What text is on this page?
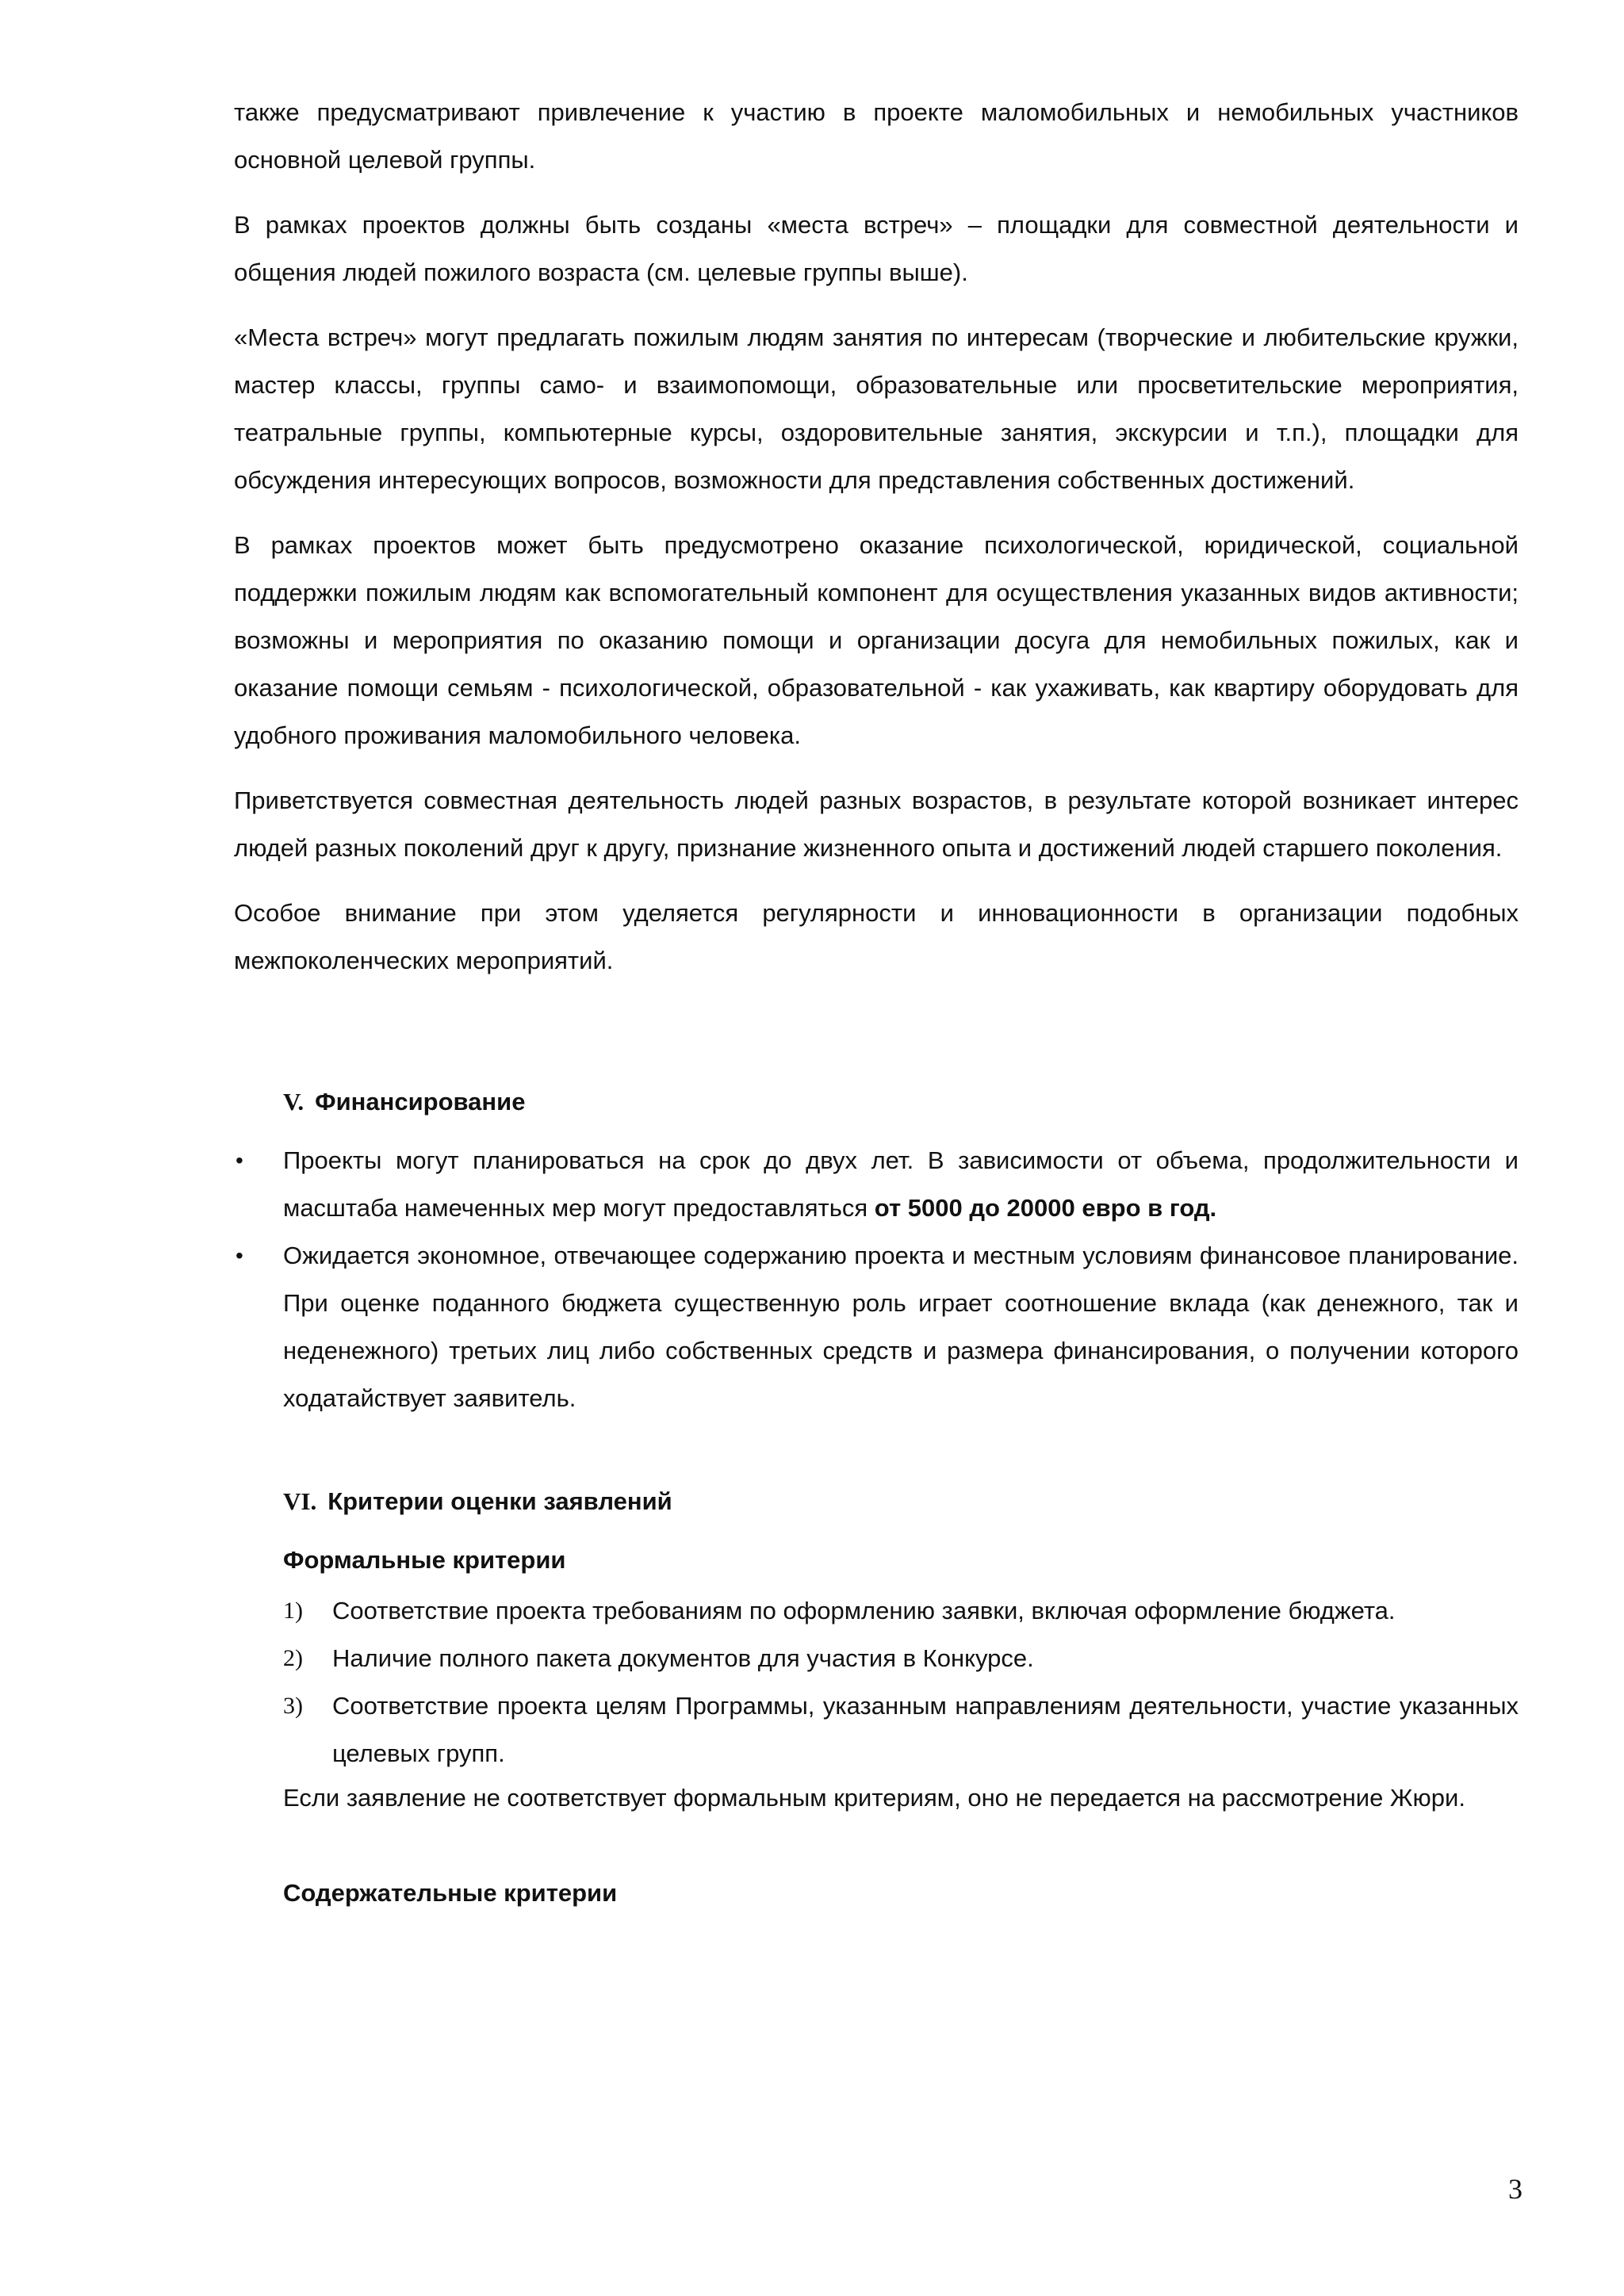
также предусматривают привлечение к участию в проекте маломобильных и немобильных участников основной целевой группы.

В рамках проектов должны быть созданы «места встреч» – площадки для совместной деятельности и общения людей пожилого возраста (см. целевые группы выше).

«Места встреч» могут предлагать пожилым людям занятия по интересам (творческие и любительские кружки, мастер классы, группы само- и взаимопомощи, образовательные или просветительские мероприятия, театральные группы, компьютерные курсы, оздоровительные занятия, экскурсии и т.п.), площадки для обсуждения интересующих вопросов, возможности для представления собственных достижений.

В рамках проектов может быть предусмотрено оказание психологической, юридической, социальной поддержки пожилым людям как вспомогательный компонент для осуществления указанных видов активности; возможны и мероприятия по оказанию помощи и организации досуга для немобильных пожилых, как и оказание помощи семьям - психологической, образовательной - как ухаживать, как квартиру оборудовать для удобного проживания маломобильного человека.

Приветствуется совместная деятельность людей разных возрастов, в результате которой возникает интерес людей разных поколений друг к другу, признание жизненного опыта и достижений людей старшего поколения.

Особое внимание при этом уделяется регулярности и инновационности в организации подобных межпоколенческих мероприятий.

V. Финансирование
• Проекты могут планироваться на срок до двух лет. В зависимости от объема, продолжительности и масштаба намеченных мер могут предоставляться от 5000 до 20000 евро в год.
• Ожидается экономное, отвечающее содержанию проекта и местным условиям финансовое планирование. При оценке поданного бюджета существенную роль играет соотношение вклада (как денежного, так и неденежного) третьих лиц либо собственных средств и размера финансирования, о получении которого ходатайствует заявитель.
VI. Критерии оценки заявлений
Формальные критерии
1) Соответствие проекта требованиям по оформлению заявки, включая оформление бюджета.
2) Наличие полного пакета документов для участия в Конкурсе.
3) Соответствие проекта целям Программы, указанным направлениям деятельности, участие указанных целевых групп.

Если заявление не соответствует формальным критериям, оно не передается на рассмотрение Жюри.

Содержательные критерии
3
